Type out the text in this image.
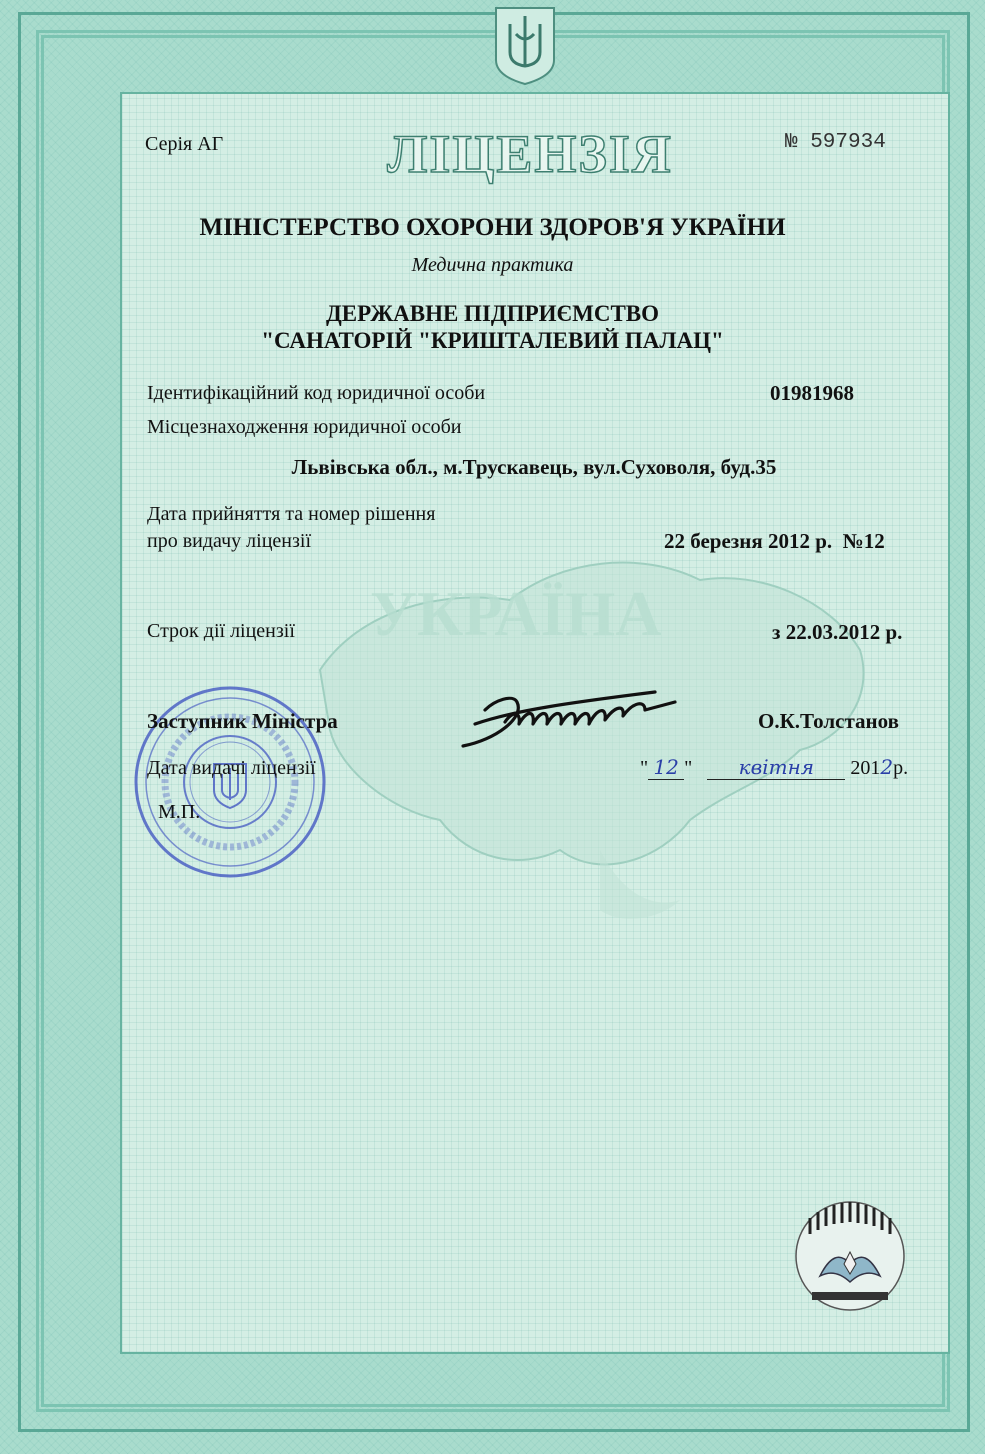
УКРАЇНА
Серія АГ	ЛІЦЕНЗІЯ	№ 597934
МІНІСТЕРСТВО ОХОРОНИ ЗДОРОВ'Я УКРАЇНИ
Медична практика
ДЕРЖАВНЕ ПІДПРИЄМСТВО
"САНАТОРІЙ "КРИШТАЛЕВИЙ ПАЛАЦ"
Ідентифікаційний код юридичної особи	01981968
Місцезнаходження юридичної особи
Львівська обл., м.Трускавець, вул.Суховоля, буд.35
Дата прийняття та номер рішення
про видачу ліцензії	22 березня 2012 р.  №12
Строк дії ліцензії	з 22.03.2012 р.
Заступник Міністра	О.К.Толстанов
Дата видачі ліцензії	" 12 " квітня 2012р.
М.П.
